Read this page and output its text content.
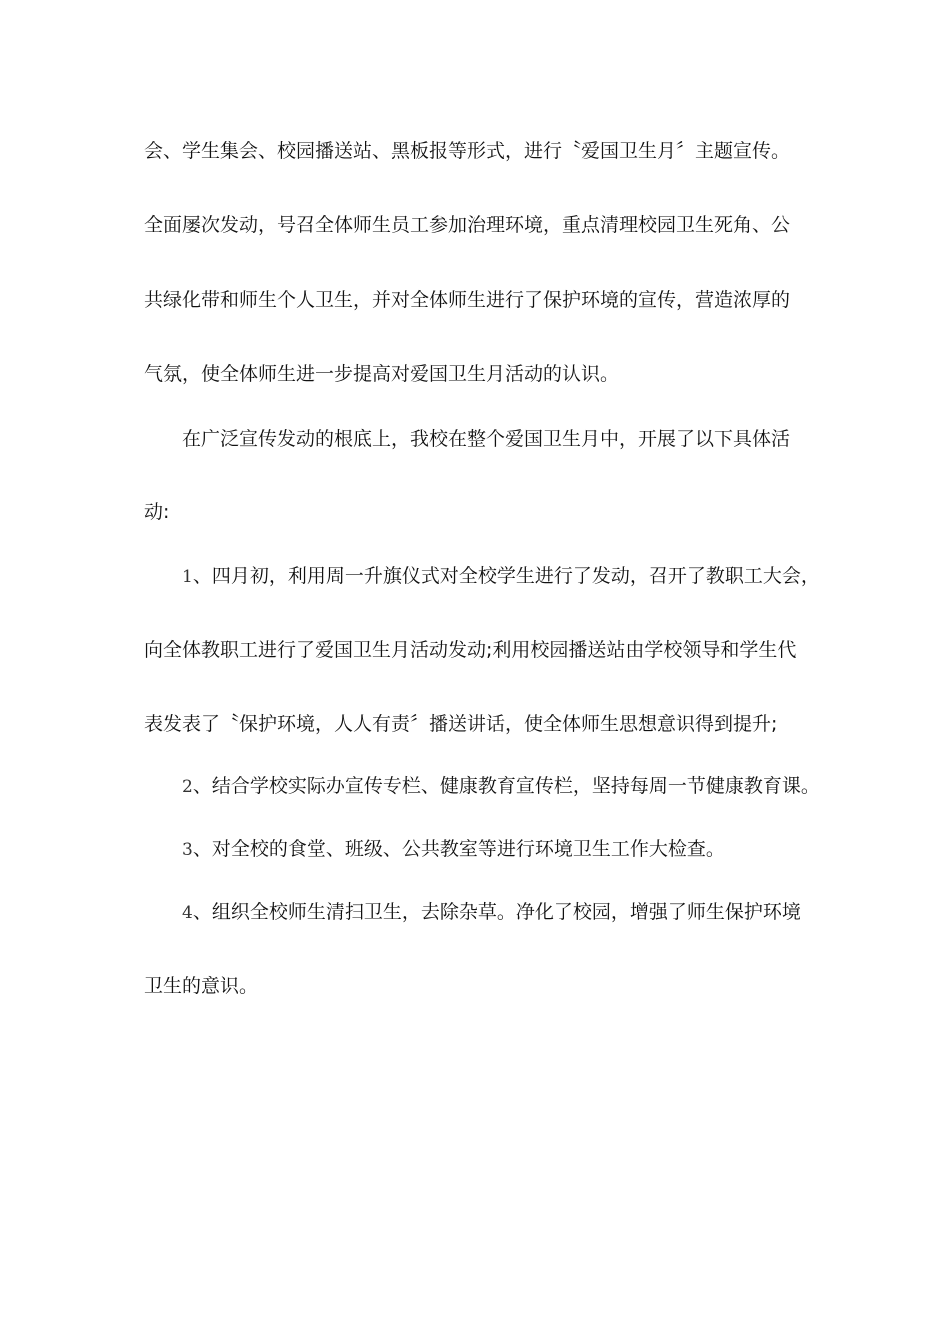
会、学生集会、校园播送站、黑板报等形式，进行〝爱国卫生月〞主题宣传。

全面屡次发动，号召全体师生员工参加治理环境，重点清理校园卫生死角、公

共绿化带和师生个人卫生，并对全体师生进行了保护环境的宣传，营造浓厚的

气氛，使全体师生进一步提高对爱国卫生月活动的认识。

在广泛宣传发动的根底上，我校在整个爱国卫生月中，开展了以下具体活

动:

1、四月初，利用周一升旗仪式对全校学生进行了发动，召开了教职工大会，

向全体教职工进行了爱国卫生月活动发动;利用校园播送站由学校领导和学生代

表发表了〝保护环境，人人有责〞播送讲话，使全体师生思想意识得到提升;

2、结合学校实际办宣传专栏、健康教育宣传栏，坚持每周一节健康教育课。

3、对全校的食堂、班级、公共教室等进行环境卫生工作大检查。

4、组织全校师生清扫卫生，去除杂草。净化了校园，增强了师生保护环境

卫生的意识。
